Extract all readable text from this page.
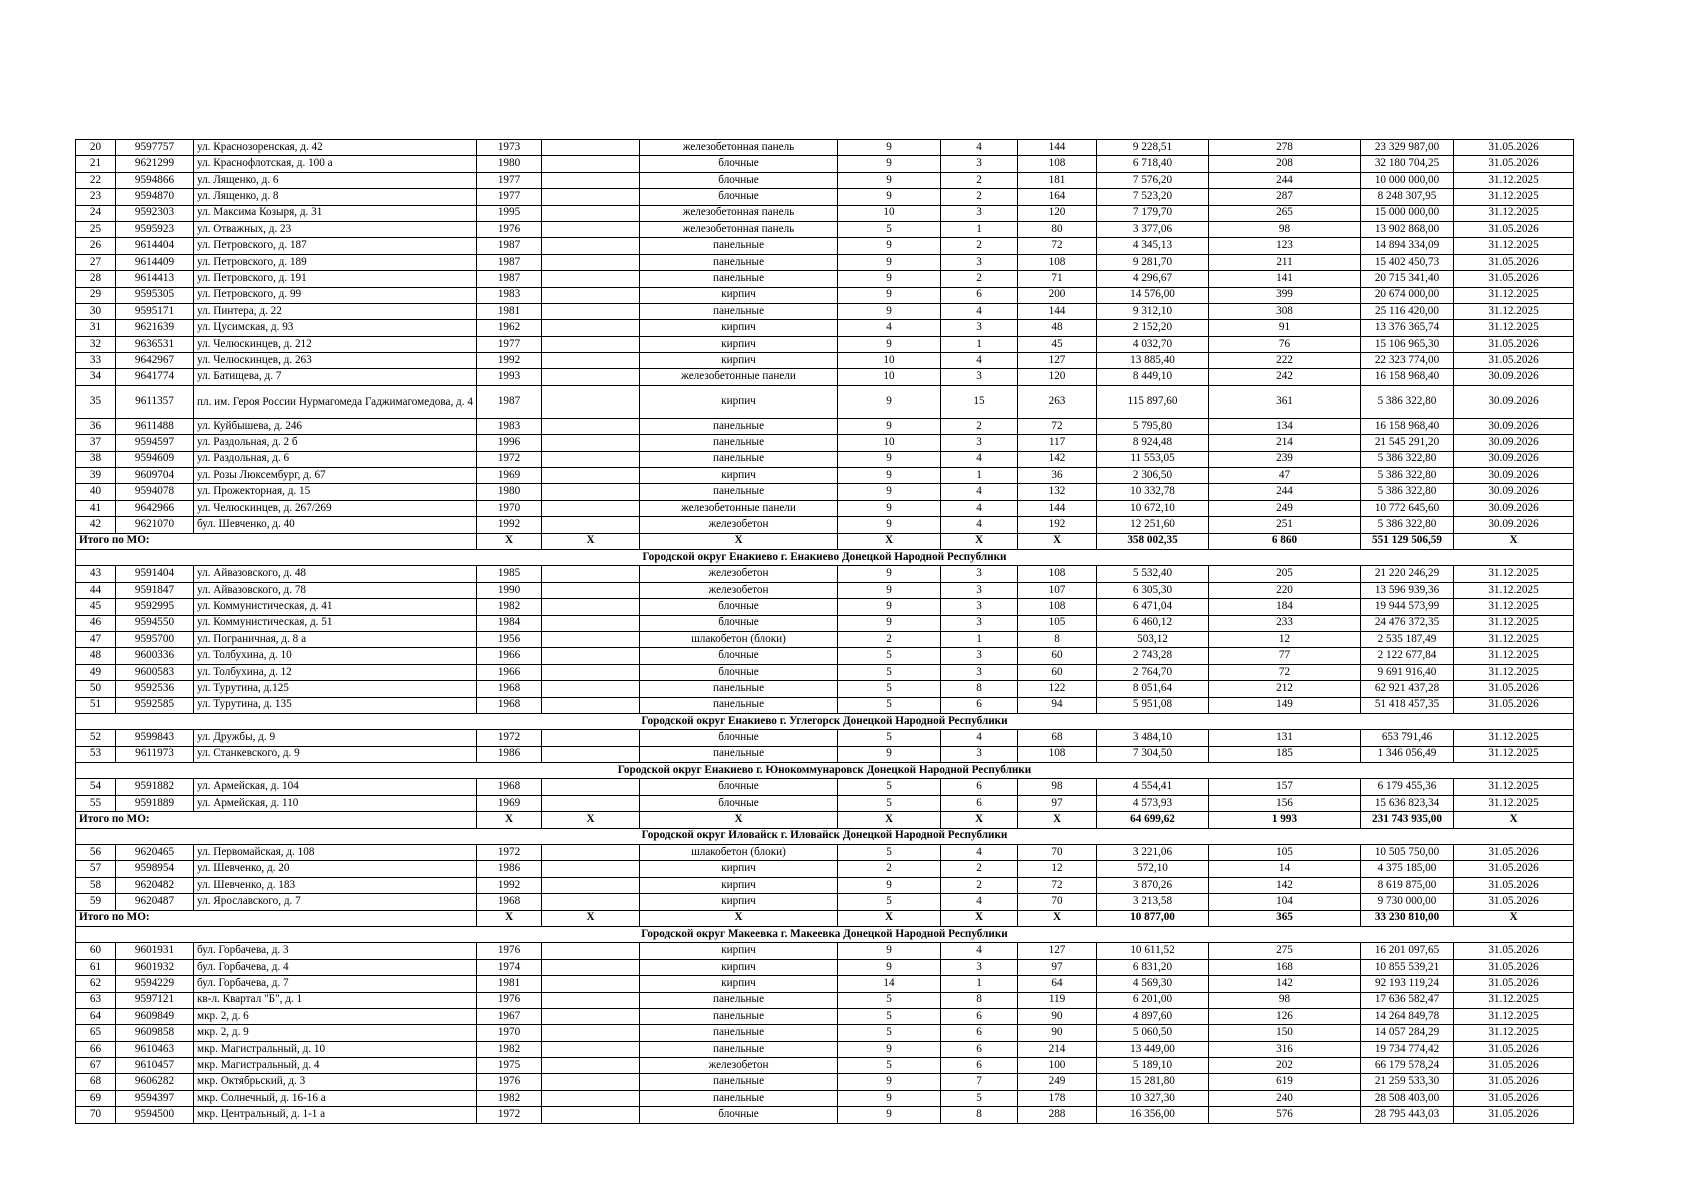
20	9597757	ул. Краснозоренская, д. 42	1973		железобетонная панель	9	4	144	9 228,51	278	23 329 987,00	31.05.2026
21	9621299	ул. Краснофлотская, д. 100 а	1980		блочные	9	3	108	6 718,40	208	32 180 704,25	31.05.2026
22	9594866	ул. Лященко, д. 6	1977		блочные	9	2	181	7 576,20	244	10 000 000,00	31.12.2025
23	9594870	ул. Лященко, д. 8	1977		блочные	9	2	164	7 523,20	287	8 248 307,95	31.12.2025
24	9592303	ул. Максима Козыря, д. 31	1995		железобетонная панель	10	3	120	7 179,70	265	15 000 000,00	31.12.2025
25	9595923	ул. Отважных, д. 23	1976		железобетонная панель	5	1	80	3 377,06	98	13 902 868,00	31.05.2026
26	9614404	ул. Петровского, д. 187	1987		панельные	9	2	72	4 345,13	123	14 894 334,09	31.12.2025
27	9614409	ул. Петровского, д. 189	1987		панельные	9	3	108	9 281,70	211	15 402 450,73	31.05.2026
28	9614413	ул. Петровского, д. 191	1987		панельные	9	2	71	4 296,67	141	20 715 341,40	31.05.2026
29	9595305	ул. Петровского, д. 99	1983		кирпич	9	6	200	14 576,00	399	20 674 000,00	31.12.2025
30	9595171	ул. Пинтера, д. 22	1981		панельные	9	4	144	9 312,10	308	25 116 420,00	31.12.2025
31	9621639	ул. Цусимская, д. 93	1962		кирпич	4	3	48	2 152,20	91	13 376 365,74	31.12.2025
32	9636531	ул. Челюскинцев, д. 212	1977		кирпич	9	1	45	4 032,70	76	15 106 965,30	31.05.2026
33	9642967	ул. Челюскинцев, д. 263	1992		кирпич	10	4	127	13 885,40	222	22 323 774,00	31.05.2026
34	9641774	ул. Батищева, д. 7	1993		железобетонные панели	10	3	120	8 449,10	242	16 158 968,40	30.09.2026
35	9611357	пл. им. Героя России Нурмагомеда Гаджимагомедова, д. 4	1987		кирпич	9	15	263	115 897,60	361	5 386 322,80	30.09.2026
36	9611488	ул. Куйбышева, д. 246	1983		панельные	9	2	72	5 795,80	134	16 158 968,40	30.09.2026
37	9594597	ул. Раздольная, д. 2 б	1996		панельные	10	3	117	8 924,48	214	21 545 291,20	30.09.2026
38	9594609	ул. Раздольная, д. 6	1972		панельные	9	4	142	11 553,05	239	5 386 322,80	30.09.2026
39	9609704	ул. Розы Люксембург, д. 67	1969		кирпич	9	1	36	2 306,50	47	5 386 322,80	30.09.2026
40	9594078	ул. Прожекторная, д. 15	1980		панельные	9	4	132	10 332,78	244	5 386 322,80	30.09.2026
41	9642966	ул. Челюскинцев, д. 267/269	1970		железобетонные панели	9	4	144	10 672,10	249	10 772 645,60	30.09.2026
42	9621070	бул. Шевченко, д. 40	1992		железобетон	9	4	192	12 251,60	251	5 386 322,80	30.09.2026
Итого по МО:			X	X	X	X	X	X	358 002,35	6 860	551 129 506,59	X
Городской округ Енакиево г. Енакиево Донецкой Народной Республики												
43	9591404	ул. Айвазовского, д. 48	1985		железобетон	9	3	108	5 532,40	205	21 220 246,29	31.12.2025
44	9591847	ул. Айвазовского, д. 78	1990		железобетон	9	3	107	6 305,30	220	13 596 939,36	31.12.2025
45	9592995	ул. Коммунистическая, д. 41	1982		блочные	9	3	108	6 471,04	184	19 944 573,99	31.12.2025
46	9594550	ул. Коммунистическая, д. 51	1984		блочные	9	3	105	6 460,12	233	24 476 372,35	31.12.2025
47	9595700	ул. Пограничная, д. 8 а	1956		шлакобетон (блоки)	2	1	8	503,12	12	2 535 187,49	31.12.2025
48	9600336	ул. Толбухина, д. 10	1966		блочные	5	3	60	2 743,28	77	2 122 677,84	31.12.2025
49	9600583	ул. Толбухина, д. 12	1966		блочные	5	3	60	2 764,70	72	9 691 916,40	31.12.2025
50	9592536	ул. Турутина, д.125	1968		панельные	5	8	122	8 051,64	212	62 921 437,28	31.05.2026
51	9592585	ул. Турутина, д. 135	1968		панельные	5	6	94	5 951,08	149	51 418 457,35	31.05.2026
Городской округ Енакиево г. Углегорск Донецкой Народной Республики												
52	9599843	ул. Дружбы, д. 9	1972		блочные	5	4	68	3 484,10	131	653 791,46	31.12.2025
53	9611973	ул. Станкевского, д. 9	1986		панельные	9	3	108	7 304,50	185	1 346 056,49	31.12.2025
Городской округ Енакиево г. Юнокоммунаровск Донецкой Народной Республики												
54	9591882	ул. Армейская, д. 104	1968		блочные	5	6	98	4 554,41	157	6 179 455,36	31.12.2025
55	9591889	ул. Армейская, д. 110	1969		блочные	5	6	97	4 573,93	156	15 636 823,34	31.12.2025
Итого по МО:			X	X	X	X	X	X	64 699,62	1 993	231 743 935,00	X
Городской округ Иловайск г. Иловайск Донецкой Народной Республики												
56	9620465	ул. Первомайская, д. 108	1972		шлакобетон (блоки)	5	4	70	3 221,06	105	10 505 750,00	31.05.2026
57	9598954	ул. Шевченко, д. 20	1986		кирпич	2	2	12	572,10	14	4 375 185,00	31.05.2026
58	9620482	ул. Шевченко, д. 183	1992		кирпич	9	2	72	3 870,26	142	8 619 875,00	31.05.2026
59	9620487	ул. Ярославского, д. 7	1968		кирпич	5	4	70	3 213,58	104	9 730 000,00	31.05.2026
Итого по МО:			X	X	X	X	X	X	10 877,00	365	33 230 810,00	X
Городской округ Макеевка г. Макеевка Донецкой Народной Республики												
60	9601931	бул. Горбачева, д. 3	1976		кирпич	9	4	127	10 611,52	275	16 201 097,65	31.05.2026
61	9601932	бул. Горбачева, д. 4	1974		кирпич	9	3	97	6 831,20	168	10 855 539,21	31.05.2026
62	9594229	бул. Горбачева, д. 7	1981		кирпич	14	1	64	4 569,30	142	92 193 119,24	31.05.2026
63	9597121	кв-л. Квартал "Б", д. 1	1976		панельные	5	8	119	6 201,00	98	17 636 582,47	31.12.2025
64	9609849	мкр. 2, д. 6	1967		панельные	5	6	90	4 897,60	126	14 264 849,78	31.12.2025
65	9609858	мкр. 2, д. 9	1970		панельные	5	6	90	5 060,50	150	14 057 284,29	31.12.2025
66	9610463	мкр. Магистральный, д. 10	1982		панельные	9	6	214	13 449,00	316	19 734 774,42	31.05.2026
67	9610457	мкр. Магистральный, д. 4	1975		железобетон	5	6	100	5 189,10	202	66 179 578,24	31.05.2026
68	9606282	мкр. Октябрьский, д. 3	1976		панельные	9	7	249	15 281,80	619	21 259 533,30	31.05.2026
69	9594397	мкр. Солнечный, д. 16-16 а	1982		панельные	9	5	178	10 327,30	240	28 508 403,00	31.05.2026
70	9594500	мкр. Центральный, д. 1-1 а	1972		блочные	9	8	288	16 356,00	576	28 795 443,03	31.05.2026
